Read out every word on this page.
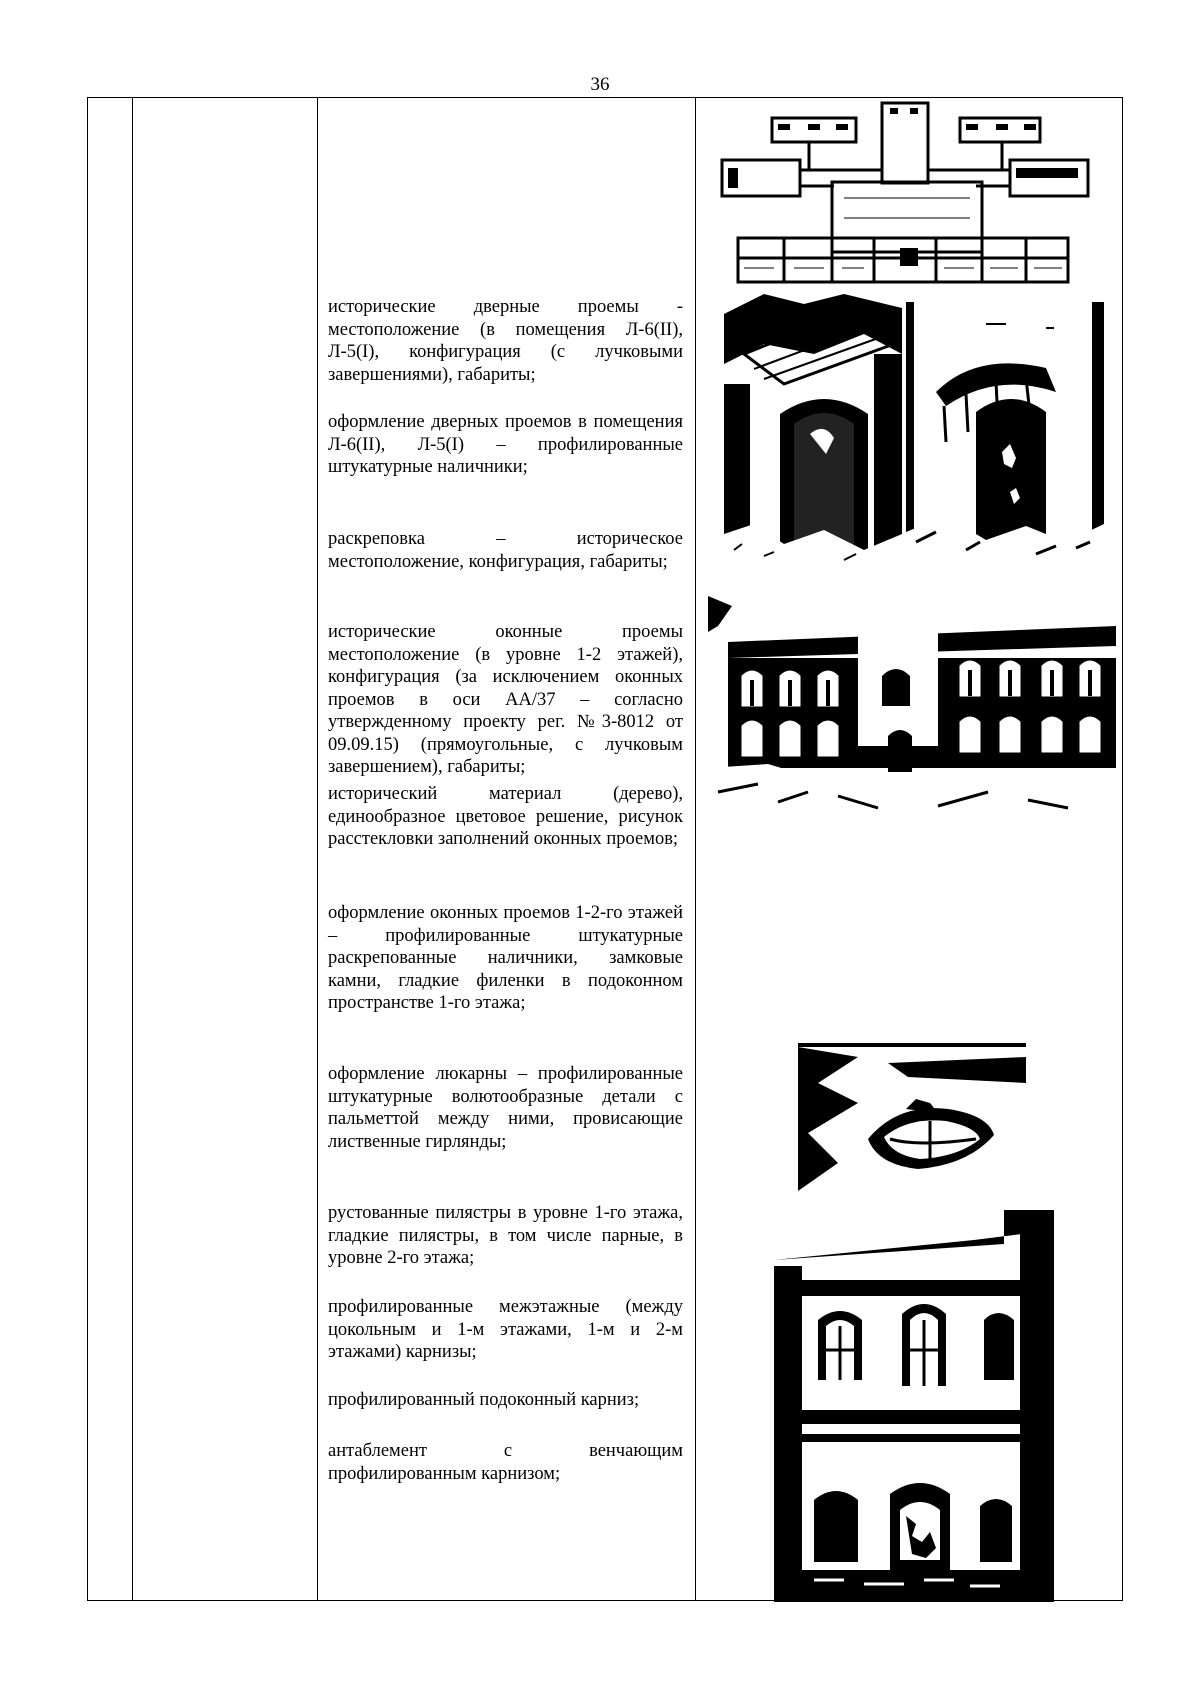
36

исторические дверные проемы - местоположение (в помещения Л-6(II), Л-5(I), конфигурация (с лучковыми завершениями), габариты;

оформление дверных проемов в помещения Л-6(II), Л-5(I) – профилированные штукатурные наличники;

раскреповка – историческое местоположение, конфигурация, габариты;

исторические оконные проемы местоположение (в уровне 1-2 этажей), конфигурация (за исключением оконных проемов в оси АА/37 – согласно утвержденному проекту рег. №3-8012 от 09.09.15) (прямоугольные, с лучковым завершением), габариты;

исторический материал (дерево), единообразное цветовое решение, рисунок расстекловки заполнений оконных проемов;

оформление оконных проемов 1-2-го этажей – профилированные штукатурные раскрепованные наличники, замковые камни, гладкие филенки в подоконном пространстве 1-го этажа;

оформление люкарны – профилированные штукатурные волютообразные детали с пальметтой между ними, провисающие лиственные гирлянды;

рустованные пилястры в уровне 1-го этажа, гладкие пилястры, в том числе парные, в уровне 2-го этажа;

профилированные межэтажные (между цокольным и 1-м этажами, 1-м и 2-м этажами) карнизы;

профилированный подоконный карниз;

антаблемент с венчающим профилированным карнизом;
